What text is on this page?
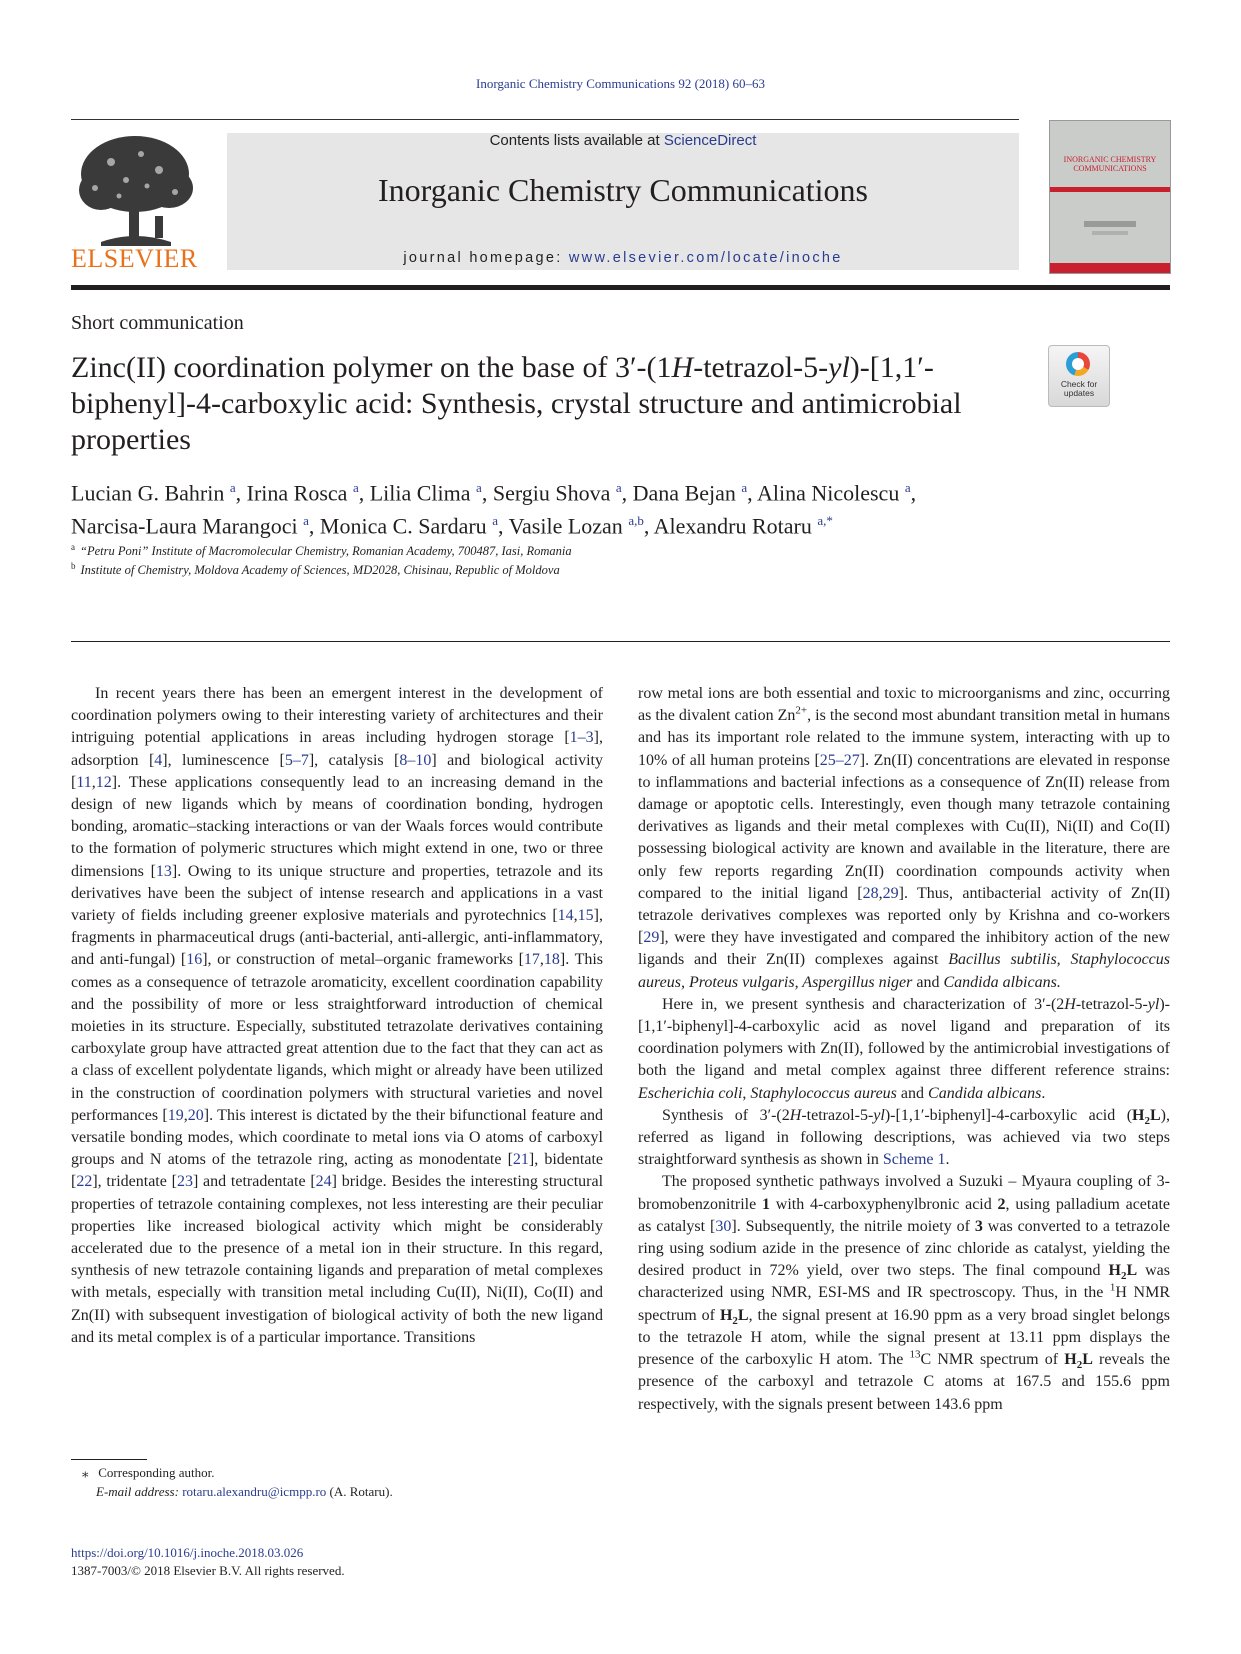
Inorganic Chemistry Communications 92 (2018) 60–63
ELSEVIER
Contents lists available at ScienceDirect
Inorganic Chemistry Communications
journal homepage: www.elsevier.com/locate/inoche
INORGANIC CHEMISTRY COMMUNICATIONS
Short communication
Zinc(II) coordination polymer on the base of 3′-(1H-tetrazol-5-yl)-[1,1′-biphenyl]-4-carboxylic acid: Synthesis, crystal structure and antimicrobial properties
Check for updates
Lucian G. Bahrin $^a$, Irina Rosca $^a$, Lilia Clima $^a$, Sergiu Shova $^a$, Dana Bejan $^a$, Alina Nicolescu $^a$,
Narcisa-Laura Marangoci $^a$, Monica C. Sardaru $^a$, Vasile Lozan $^{a,b}$, Alexandru Rotaru $^{a,*}$
$^a$ “Petru Poni” Institute of Macromolecular Chemistry, Romanian Academy, 700487, Iasi, Romania
$^b$ Institute of Chemistry, Moldova Academy of Sciences, MD2028, Chisinau, Republic of Moldova

In recent years there has been an emergent interest in the development of coordination polymers owing to their interesting variety of architectures and their intriguing potential applications in areas including hydrogen storage [1–3], adsorption [4], luminescence [5–7], catalysis [8–10] and biological activity [11,12]. These applications consequently lead to an increasing demand in the design of new ligands which by means of coordination bonding, hydrogen bonding, aromatic–stacking interactions or van der Waals forces would contribute to the formation of polymeric structures which might extend in one, two or three dimensions [13]. Owing to its unique structure and properties, tetrazole and its derivatives have been the subject of intense research and applications in a vast variety of fields including greener explosive materials and pyrotechnics [14,15], fragments in pharmaceutical drugs (anti-bacterial, anti-allergic, anti-inflammatory, and anti-fungal) [16], or construction of metal–organic frameworks [17,18]. This comes as a consequence of tetrazole aromaticity, excellent coordination capability and the possibility of more or less straightforward introduction of chemical moieties in its structure. Especially, substituted tetrazolate derivatives containing carboxylate group have attracted great attention due to the fact that they can act as a class of excellent polydentate ligands, which might or already have been utilized in the construction of coordination polymers with structural varieties and novel performances [19,20]. This interest is dictated by the their bifunctional feature and versatile bonding modes, which coordinate to metal ions via O atoms of carboxyl groups and N atoms of the tetrazole ring, acting as monodentate [21], bidentate [22], tridentate [23] and tetradentate [24] bridge. Besides the interesting structural properties of tetrazole containing complexes, not less interesting are their peculiar properties like increased biological activity which might be considerably accelerated due to the presence of a metal ion in their structure. In this regard, synthesis of new tetrazole containing ligands and preparation of metal complexes with metals, especially with transition metal including Cu(II), Ni(II), Co(II) and Zn(II) with subsequent investigation of biological activity of both the new ligand and its metal complex is of a particular importance. Transitions

row metal ions are both essential and toxic to microorganisms and zinc, occurring as the divalent cation $Zn^{2+}$, is the second most abundant transition metal in humans and has its important role related to the immune system, interacting with up to 10% of all human proteins [25–27]. Zn(II) concentrations are elevated in response to inflammations and bacterial infections as a consequence of Zn(II) release from damage or apoptotic cells. Interestingly, even though many tetrazole containing derivatives as ligands and their metal complexes with Cu(II), Ni(II) and Co(II) possessing biological activity are known and available in the literature, there are only few reports regarding Zn(II) coordination compounds activity when compared to the initial ligand [28,29]. Thus, antibacterial activity of Zn(II) tetrazole derivatives complexes was reported only by Krishna and co-workers [29], were they have investigated and compared the inhibitory action of the new ligands and their Zn(II) complexes against Bacillus subtilis, Staphylococcus aureus, Proteus vulgaris, Aspergillus niger and Candida albicans.

Here in, we present synthesis and characterization of 3′-(2H-tetrazol-5-yl)-[1,1′-biphenyl]-4-carboxylic acid as novel ligand and preparation of its coordination polymers with Zn(II), followed by the antimicrobial investigations of both the ligand and metal complex against three different reference strains: Escherichia coli, Staphylococcus aureus and Candida albicans.

Synthesis of 3′-(2H-tetrazol-5-yl)-[1,1′-biphenyl]-4-carboxylic acid $(H_2L)$, referred as ligand in following descriptions, was achieved via two steps straightforward synthesis as shown in Scheme 1.

The proposed synthetic pathways involved a Suzuki – Myaura coupling of 3-bromobenzonitrile 1 with 4-carboxyphenylbronic acid 2, using palladium acetate as catalyst [30]. Subsequently, the nitrile moiety of 3 was converted to a tetrazole ring using sodium azide in the presence of zinc chloride as catalyst, yielding the desired product in 72% yield, over two steps. The final compound $H_2L$ was characterized using NMR, ESI-MS and IR spectroscopy. Thus, in the $^1$H NMR spectrum of $H_2L$, the signal present at 16.90 ppm as a very broad singlet belongs to the tetrazole H atom, while the signal present at 13.11 ppm displays the presence of the carboxylic H atom. The $^{13}$C NMR spectrum of $H_2L$ reveals the presence of the carboxyl and tetrazole C atoms at 167.5 and 155.6 ppm respectively, with the signals present between 143.6 ppm

⁎ Corresponding author.
E-mail address: rotaru.alexandru@icmpp.ro (A. Rotaru).
https://doi.org/10.1016/j.inoche.2018.03.026
1387-7003/© 2018 Elsevier B.V. All rights reserved.
